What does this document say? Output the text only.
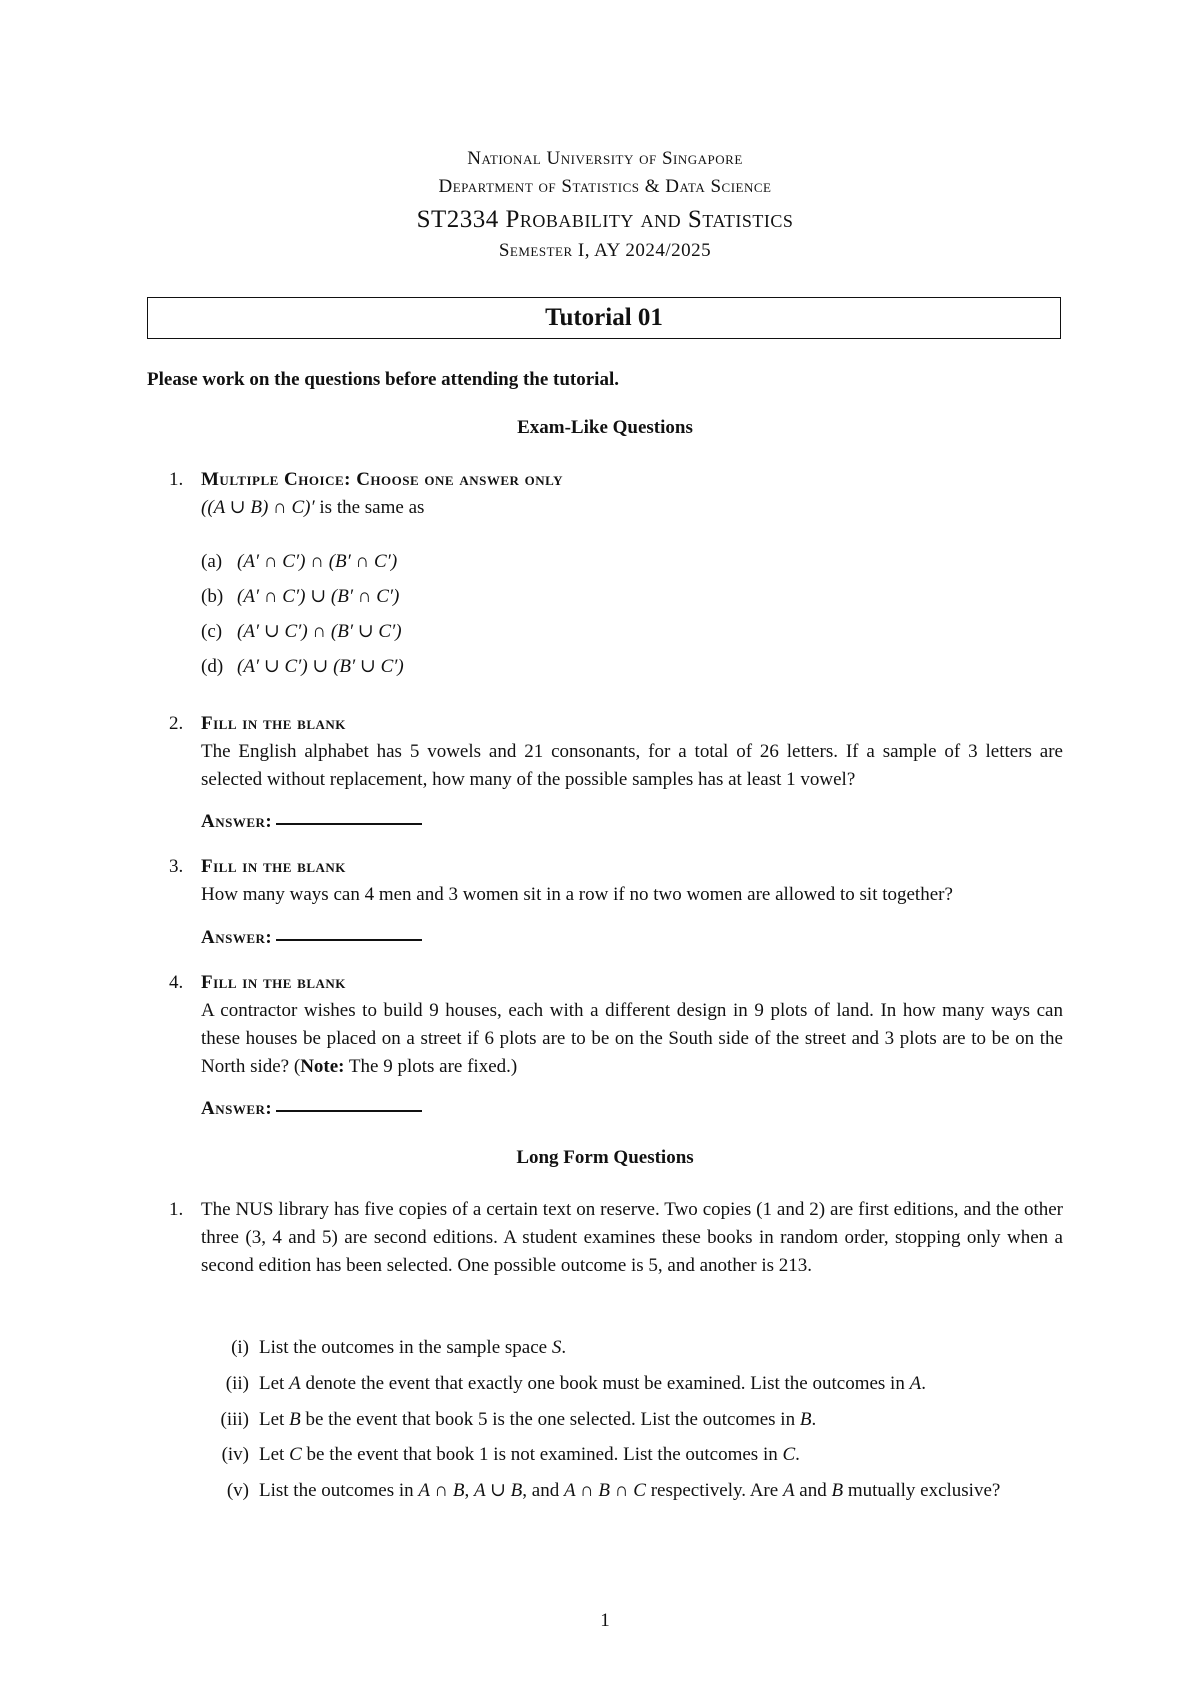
National University of Singapore
Department of Statistics & Data Science
ST2334 Probability and Statistics
Semester I, AY 2024/2025
Tutorial 01
Please work on the questions before attending the tutorial.
Exam-Like Questions
1. Multiple Choice: Choose one answer only
((A ∪ B) ∩ C)′ is the same as
(a) (A′ ∩ C′) ∩ (B′ ∩ C′)
(b) (A′ ∩ C′) ∪ (B′ ∩ C′)
(c) (A′ ∪ C′) ∩ (B′ ∪ C′)
(d) (A′ ∪ C′) ∪ (B′ ∪ C′)
2. Fill in the blank
The English alphabet has 5 vowels and 21 consonants, for a total of 26 letters. If a sample of 3 letters are selected without replacement, how many of the possible samples has at least 1 vowel?
Answer:
3. Fill in the blank
How many ways can 4 men and 3 women sit in a row if no two women are allowed to sit together?
Answer:
4. Fill in the blank
A contractor wishes to build 9 houses, each with a different design in 9 plots of land. In how many ways can these houses be placed on a street if 6 plots are to be on the South side of the street and 3 plots are to be on the North side? (Note: The 9 plots are fixed.)
Answer:
Long Form Questions
1. The NUS library has five copies of a certain text on reserve. Two copies (1 and 2) are first editions, and the other three (3, 4 and 5) are second editions. A student examines these books in random order, stopping only when a second edition has been selected. One possible outcome is 5, and another is 213.
(i) List the outcomes in the sample space S.
(ii) Let A denote the event that exactly one book must be examined. List the outcomes in A.
(iii) Let B be the event that book 5 is the one selected. List the outcomes in B.
(iv) Let C be the event that book 1 is not examined. List the outcomes in C.
(v) List the outcomes in A ∩ B, A ∪ B, and A ∩ B ∩ C respectively. Are A and B mutually exclusive?
1
